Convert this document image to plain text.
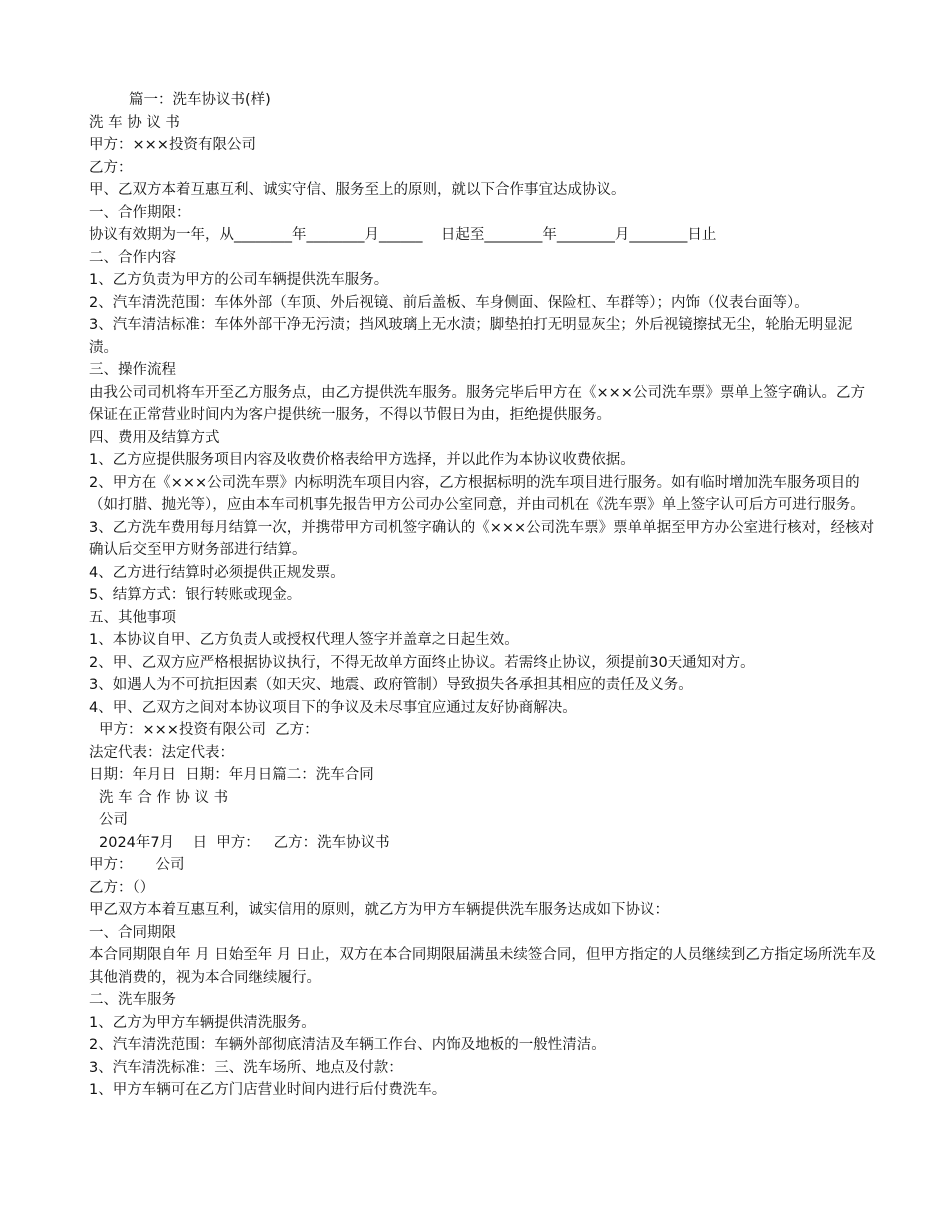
篇一：洗车协议书(样)

洗 车 协 议 书

甲方：×××投资有限公司

乙方：

甲、乙双方本着互惠互利、诚实守信、服务至上的原则，就以下合作事宜达成协议。

一、合作期限：

协议有效期为一年，从________年________月______    日起至________年________月________日止

二、合作内容

1、乙方负责为甲方的公司车辆提供洗车服务。

2、汽车清洗范围：车体外部（车顶、外后视镜、前后盖板、车身侧面、保险杠、车群等）；内饰（仪表台面等）。

3、汽车清洁标准：车体外部干净无污渍；挡风玻璃上无水渍；脚垫拍打无明显灰尘；外后视镜擦拭无尘，轮胎无明显泥渍。

三、操作流程

由我公司司机将车开至乙方服务点，由乙方提供洗车服务。服务完毕后甲方在《×××公司洗车票》票单上签字确认。乙方保证在正常营业时间内为客户提供统一服务，不得以节假日为由，拒绝提供服务。

四、费用及结算方式

1、乙方应提供服务项目内容及收费价格表给甲方选择，并以此作为本协议收费依据。

2、甲方在《×××公司洗车票》内标明洗车项目内容，乙方根据标明的洗车项目进行服务。如有临时增加洗车服务项目的（如打腊、抛光等），应由本车司机事先报告甲方公司办公室同意，并由司机在《洗车票》单上签字认可后方可进行服务。3、乙方洗车费用每月结算一次，并携带甲方司机签字确认的《×××公司洗车票》票单单据至甲方办公室进行核对，经核对确认后交至甲方财务部进行结算。

4、乙方进行结算时必须提供正规发票。

5、结算方式：银行转账或现金。

五、其他事项

1、本协议自甲、乙方负责人或授权代理人签字并盖章之日起生效。

2、甲、乙双方应严格根据协议执行，不得无故单方面终止协议。若需终止协议，须提前30天通知对方。

3、如遇人为不可抗拒因素（如天灾、地震、政府管制）导致损失各承担其相应的责任及义务。

4、甲、乙双方之间对本协议项目下的争议及未尽事宜应通过友好协商解决。

甲方：×××投资有限公司  乙方：

法定代表：法定代表：

日期：年月日  日期：年月日篇二：洗车合同

洗 车 合 作 协 议 书

公司

2024年7月    日  甲方：   乙方：洗车协议书

甲方：     公司

乙方：（）

甲乙双方本着互惠互利，诚实信用的原则，就乙方为甲方车辆提供洗车服务达成如下协议：

一、合同期限

本合同期限自年 月 日始至年 月 日止，双方在本合同期限届满虽未续签合同，但甲方指定的人员继续到乙方指定场所洗车及其他消费的，视为本合同继续履行。

二、洗车服务

1、乙方为甲方车辆提供清洗服务。

2、汽车清洗范围：车辆外部彻底清洁及车辆工作台、内饰及地板的一般性清洁。

3、汽车清洗标准：三、洗车场所、地点及付款：

1、甲方车辆可在乙方门店营业时间内进行后付费洗车。
